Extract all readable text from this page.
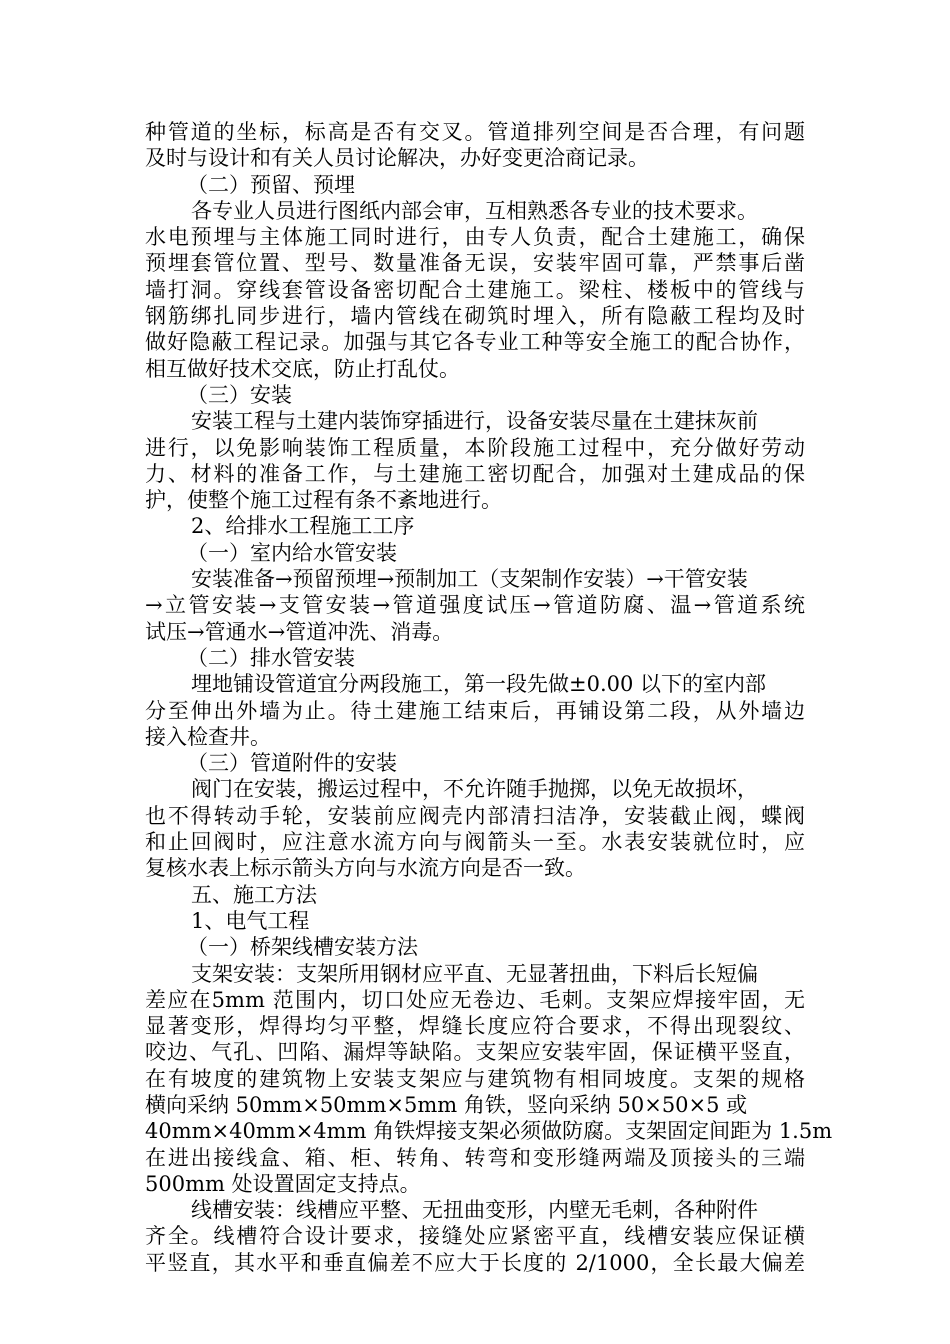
种管道的坐标，标高是否有交叉。管道排列空间是否合理，有问题
及时与设计和有关人员讨论解决，办好变更洽商记录。
（二）预留、预埋
各专业人员进行图纸内部会审，互相熟悉各专业的技术要求。
水电预埋与主体施工同时进行，由专人负责，配合土建施工，确保
预埋套管位置、型号、数量准备无误，安装牢固可靠，严禁事后凿
墙打洞。穿线套管设备密切配合土建施工。梁柱、楼板中的管线与
钢筋绑扎同步进行，墙内管线在砌筑时埋入，所有隐蔽工程均及时
做好隐蔽工程记录。加强与其它各专业工种等安全施工的配合协作，
相互做好技术交底，防止打乱仗。
（三）安装
安装工程与土建内装饰穿插进行，设备安装尽量在土建抹灰前
进行，以免影响装饰工程质量，本阶段施工过程中，充分做好劳动
力、材料的准备工作，与土建施工密切配合，加强对土建成品的保
护，使整个施工过程有条不紊地进行。
2、给排水工程施工工序
（一）室内给水管安装
安装准备→预留预埋→预制加工（支架制作安装）→干管安装
→立管安装→支管安装→管道强度试压→管道防腐、温→管道系统
试压→管通水→管道冲洗、消毒。
（二）排水管安装
埋地铺设管道宜分两段施工，第一段先做±0.00 以下的室内部
分至伸出外墙为止。待土建施工结束后，再铺设第二段，从外墙边
接入检查井。
（三）管道附件的安装
阀门在安装，搬运过程中，不允许随手抛掷，以免无故损坏，
也不得转动手轮，安装前应阀壳内部清扫洁净，安装截止阀，蝶阀
和止回阀时，应注意水流方向与阀箭头一至。水表安装就位时，应
复核水表上标示箭头方向与水流方向是否一致。
五、施工方法
1、电气工程
（一）桥架线槽安装方法
支架安装：支架所用钢材应平直、无显著扭曲，下料后长短偏
差应在5mm 范围内，切口处应无卷边、毛刺。支架应焊接牢固，无
显著变形，焊得均匀平整，焊缝长度应符合要求，不得出现裂纹、
咬边、气孔、凹陷、漏焊等缺陷。支架应安装牢固，保证横平竖直，
在有坡度的建筑物上安装支架应与建筑物有相同坡度。支架的规格
横向采纳 50mm×50mm×5mm 角铁，竖向采纳 50×50×5 或
40mm×40mm×4mm 角铁焊接支架必须做防腐。支架固定间距为 1.5m
在进出接线盒、箱、柜、转角、转弯和变形缝两端及顶接头的三端
500mm 处设置固定支持点。
线槽安装：线槽应平整、无扭曲变形，内壁无毛刺，各种附件
齐全。线槽符合设计要求，接缝处应紧密平直，线槽安装应保证横
平竖直，其水平和垂直偏差不应大于长度的 2/1000，全长最大偏差
